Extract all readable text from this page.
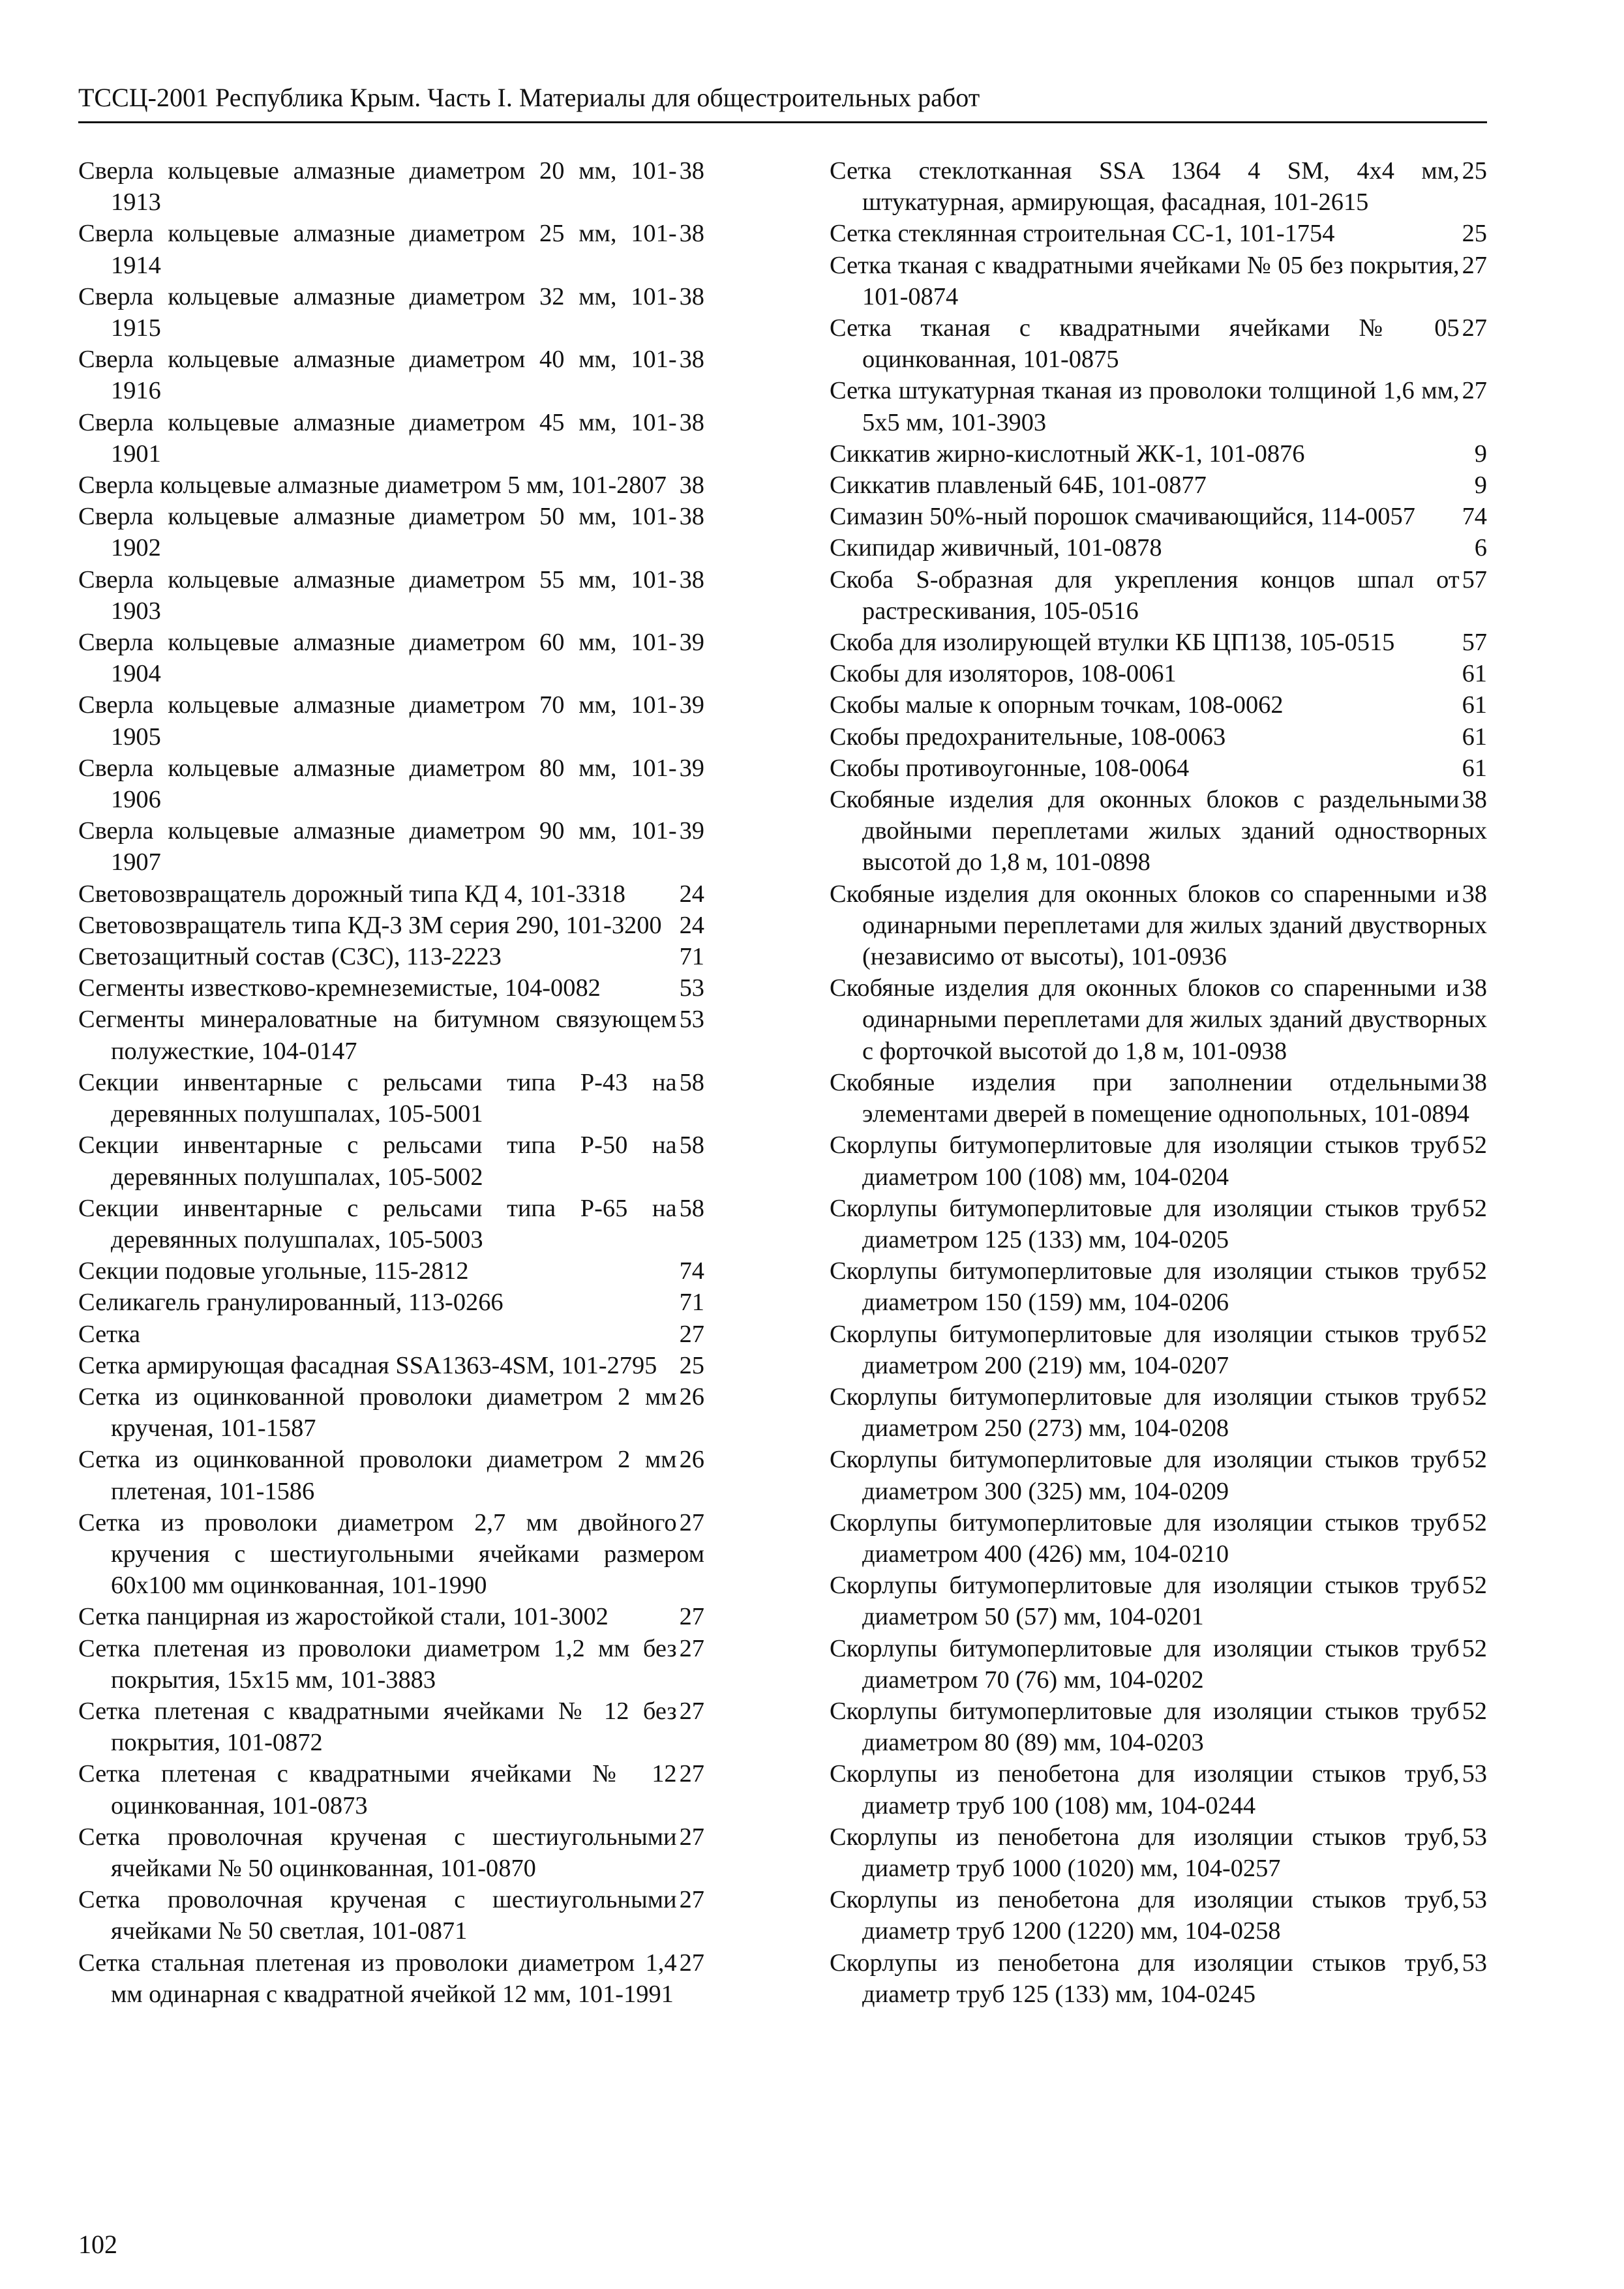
ТССЦ-2001 Республика Крым. Часть I. Материалы для общестроительных работ
38
Сверла кольцевые алмазные диаметром 20 мм, 101-1913
38
Сверла кольцевые алмазные диаметром 25 мм, 101-1914
38
Сверла кольцевые алмазные диаметром 32 мм, 101-1915
38
Сверла кольцевые алмазные диаметром 40 мм, 101-1916
38
Сверла кольцевые алмазные диаметром 45 мм, 101-1901
38
Сверла кольцевые алмазные диаметром 5 мм, 101-2807
38
Сверла кольцевые алмазные диаметром 50 мм, 101-1902
38
Сверла кольцевые алмазные диаметром 55 мм, 101-1903
39
Сверла кольцевые алмазные диаметром 60 мм, 101-1904
39
Сверла кольцевые алмазные диаметром 70 мм, 101-1905
39
Сверла кольцевые алмазные диаметром 80 мм, 101-1906
39
Сверла кольцевые алмазные диаметром 90 мм, 101-1907
24
Световозвращатель дорожный типа КД 4, 101-3318
24
Световозвращатель типа КД-3 ЗМ серия 290, 101-3200
71
Светозащитный состав (СЗС), 113-2223
53
Сегменты известково-кремнеземистые, 104-0082
53
Сегменты минераловатные на битумном связующем полужесткие, 104-0147
58
Секции инвентарные с рельсами типа Р-43 на деревянных полушпалах, 105-5001
58
Секции инвентарные с рельсами типа Р-50 на деревянных полушпалах, 105-5002
58
Секции инвентарные с рельсами типа Р-65 на деревянных полушпалах, 105-5003
74
Секции подовые угольные, 115-2812
71
Селикагель гранулированный, 113-0266
27
Сетка
25
Сетка армирующая фасадная SSA1363-4SM, 101-2795
26
Сетка из оцинкованной проволоки диаметром 2 мм крученая, 101-1587
26
Сетка из оцинкованной проволоки диаметром 2 мм плетеная, 101-1586
27
Сетка из проволоки диаметром 2,7 мм двойного кручения с шестиугольными ячейками размером 60х100 мм оцинкованная, 101-1990
27
Сетка панцирная из жаростойкой стали, 101-3002
27
Сетка плетеная из проволоки диаметром 1,2 мм без покрытия, 15х15 мм, 101-3883
27
Сетка плетеная с квадратными ячейками № 12 без покрытия, 101-0872
27
Сетка плетеная с квадратными ячейками № 12 оцинкованная, 101-0873
27
Сетка проволочная крученая с шестиугольными ячейками № 50 оцинкованная, 101-0870
27
Сетка проволочная крученая с шестиугольными ячейками № 50 светлая, 101-0871
27
Сетка стальная плетеная из проволоки диаметром 1,4 мм одинарная с квадратной ячейкой 12 мм, 101-1991
25
Сетка стеклотканная SSA 1364 4 SM, 4х4 мм, штукатурная, армирующая, фасадная, 101-2615
25
Сетка стеклянная строительная СС-1, 101-1754
27
Сетка тканая с квадратными ячейками № 05 без покрытия, 101-0874
27
Сетка тканая с квадратными ячейками № 05 оцинкованная, 101-0875
27
Сетка штукатурная тканая из проволоки толщиной 1,6 мм, 5х5 мм, 101-3903
9
Сиккатив жирно-кислотный ЖК-1, 101-0876
9
Сиккатив плавленый 64Б, 101-0877
74
Симазин 50%-ный порошок смачивающийся, 114-0057
6
Скипидар живичный, 101-0878
57
Скоба S-образная для укрепления концов шпал от растрескивания, 105-0516
57
Скоба для изолирующей втулки КБ ЦП138, 105-0515
61
Скобы для изоляторов, 108-0061
61
Скобы малые к опорным точкам, 108-0062
61
Скобы предохранительные, 108-0063
61
Скобы противоугонные, 108-0064
38
Скобяные изделия для оконных блоков с раздельными двойными переплетами жилых зданий одностворных высотой до 1,8 м, 101-0898
38
Скобяные изделия для оконных блоков со спаренными и одинарными переплетами для жилых зданий двустворных (независимо от высоты), 101-0936
38
Скобяные изделия для оконных блоков со спаренными и одинарными переплетами для жилых зданий двустворных с форточкой высотой до 1,8 м, 101-0938
38
Скобяные изделия при заполнении отдельными элементами дверей в помещение однопольных, 101-0894
52
Скорлупы битумоперлитовые для изоляции стыков труб диаметром 100 (108) мм, 104-0204
52
Скорлупы битумоперлитовые для изоляции стыков труб диаметром 125 (133) мм, 104-0205
52
Скорлупы битумоперлитовые для изоляции стыков труб диаметром 150 (159) мм, 104-0206
52
Скорлупы битумоперлитовые для изоляции стыков труб диаметром 200 (219) мм, 104-0207
52
Скорлупы битумоперлитовые для изоляции стыков труб диаметром 250 (273) мм, 104-0208
52
Скорлупы битумоперлитовые для изоляции стыков труб диаметром 300 (325) мм, 104-0209
52
Скорлупы битумоперлитовые для изоляции стыков труб диаметром 400 (426) мм, 104-0210
52
Скорлупы битумоперлитовые для изоляции стыков труб диаметром 50 (57) мм, 104-0201
52
Скорлупы битумоперлитовые для изоляции стыков труб диаметром 70 (76) мм, 104-0202
52
Скорлупы битумоперлитовые для изоляции стыков труб диаметром 80 (89) мм, 104-0203
53
Скорлупы из пенобетона для изоляции стыков труб, диаметр труб 100 (108) мм, 104-0244
53
Скорлупы из пенобетона для изоляции стыков труб, диаметр труб 1000 (1020) мм, 104-0257
53
Скорлупы из пенобетона для изоляции стыков труб, диаметр труб 1200 (1220) мм, 104-0258
53
Скорлупы из пенобетона для изоляции стыков труб, диаметр труб 125 (133) мм, 104-0245
102
